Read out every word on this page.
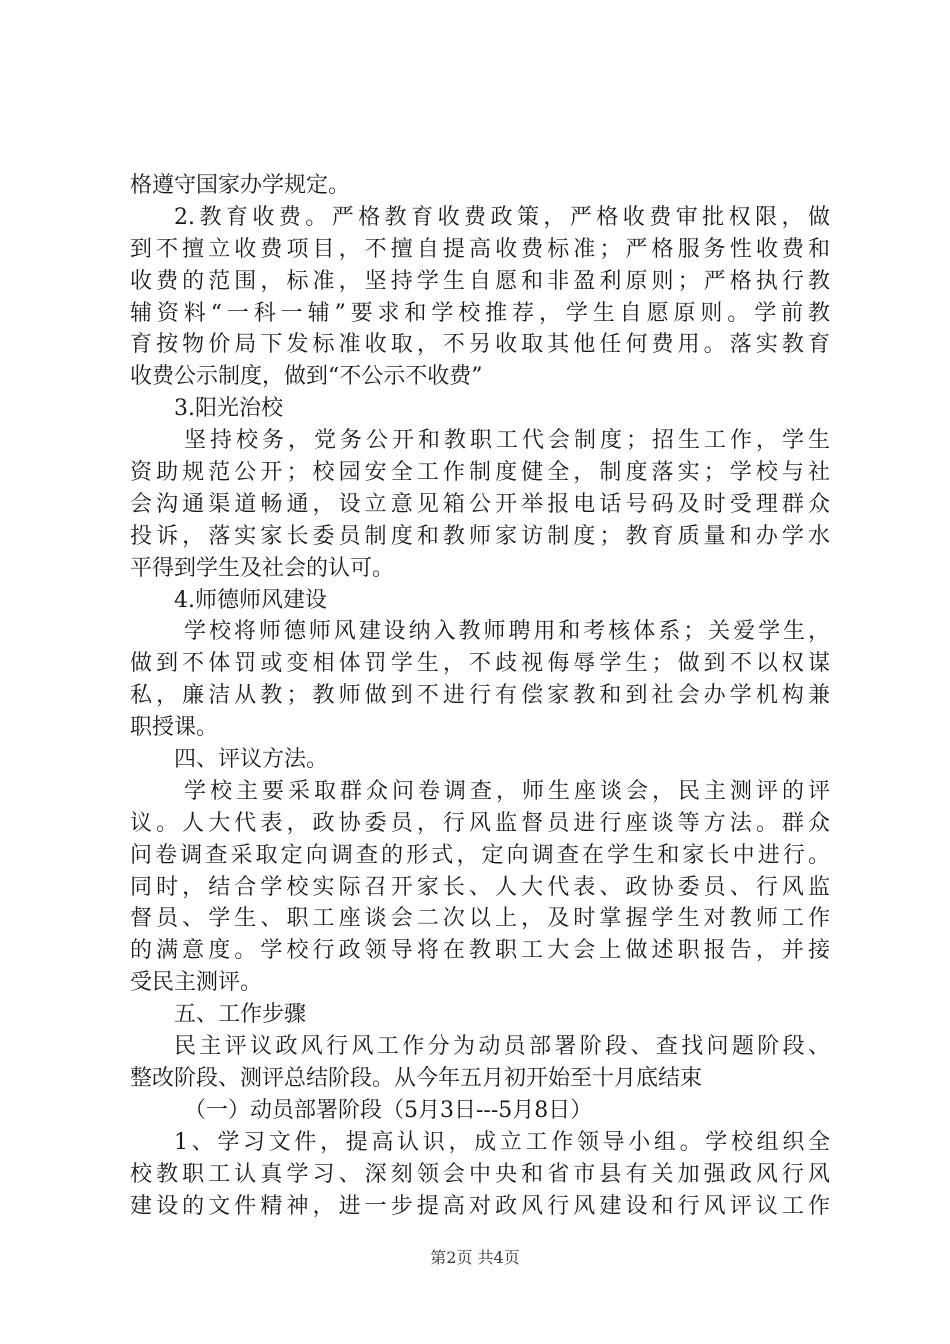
格遵守国家办学规定。
2.教育收费。严格教育收费政策，严格收费审批权限，做
到不擅立收费项目，不擅自提高收费标准；严格服务性收费和
收费的范围，标准，坚持学生自愿和非盈利原则；严格执行教
辅资料“一科一辅”要求和学校推荐，学生自愿原则。学前教
育按物价局下发标准收取，不另收取其他任何费用。落实教育
收费公示制度，做到“不公示不收费”
3.阳光治校
坚持校务，党务公开和教职工代会制度；招生工作，学生
资助规范公开；校园安全工作制度健全，制度落实；学校与社
会沟通渠道畅通，设立意见箱公开举报电话号码及时受理群众
投诉，落实家长委员制度和教师家访制度；教育质量和办学水
平得到学生及社会的认可。
4.师德师风建设
学校将师德师风建设纳入教师聘用和考核体系；关爱学生，
做到不体罚或变相体罚学生，不歧视侮辱学生；做到不以权谋
私，廉洁从教；教师做到不进行有偿家教和到社会办学机构兼
职授课。
四、评议方法。
学校主要采取群众问卷调查，师生座谈会，民主测评的评
议。人大代表，政协委员，行风监督员进行座谈等方法。群众
问卷调查采取定向调查的形式，定向调查在学生和家长中进行。
同时，结合学校实际召开家长、人大代表、政协委员、行风监
督员、学生、职工座谈会二次以上，及时掌握学生对教师工作
的满意度。学校行政领导将在教职工大会上做述职报告，并接
受民主测评。
五、工作步骤
民主评议政风行风工作分为动员部署阶段、查找问题阶段、
整改阶段、测评总结阶段。从今年五月初开始至十月底结束
（一）动员部署阶段（5月3日---5月8日）
1、学习文件，提高认识，成立工作领导小组。学校组织全
校教职工认真学习、深刻领会中央和省市县有关加强政风行风
建设的文件精神，进一步提高对政风行风建设和行风评议工作
第2页 共4页
